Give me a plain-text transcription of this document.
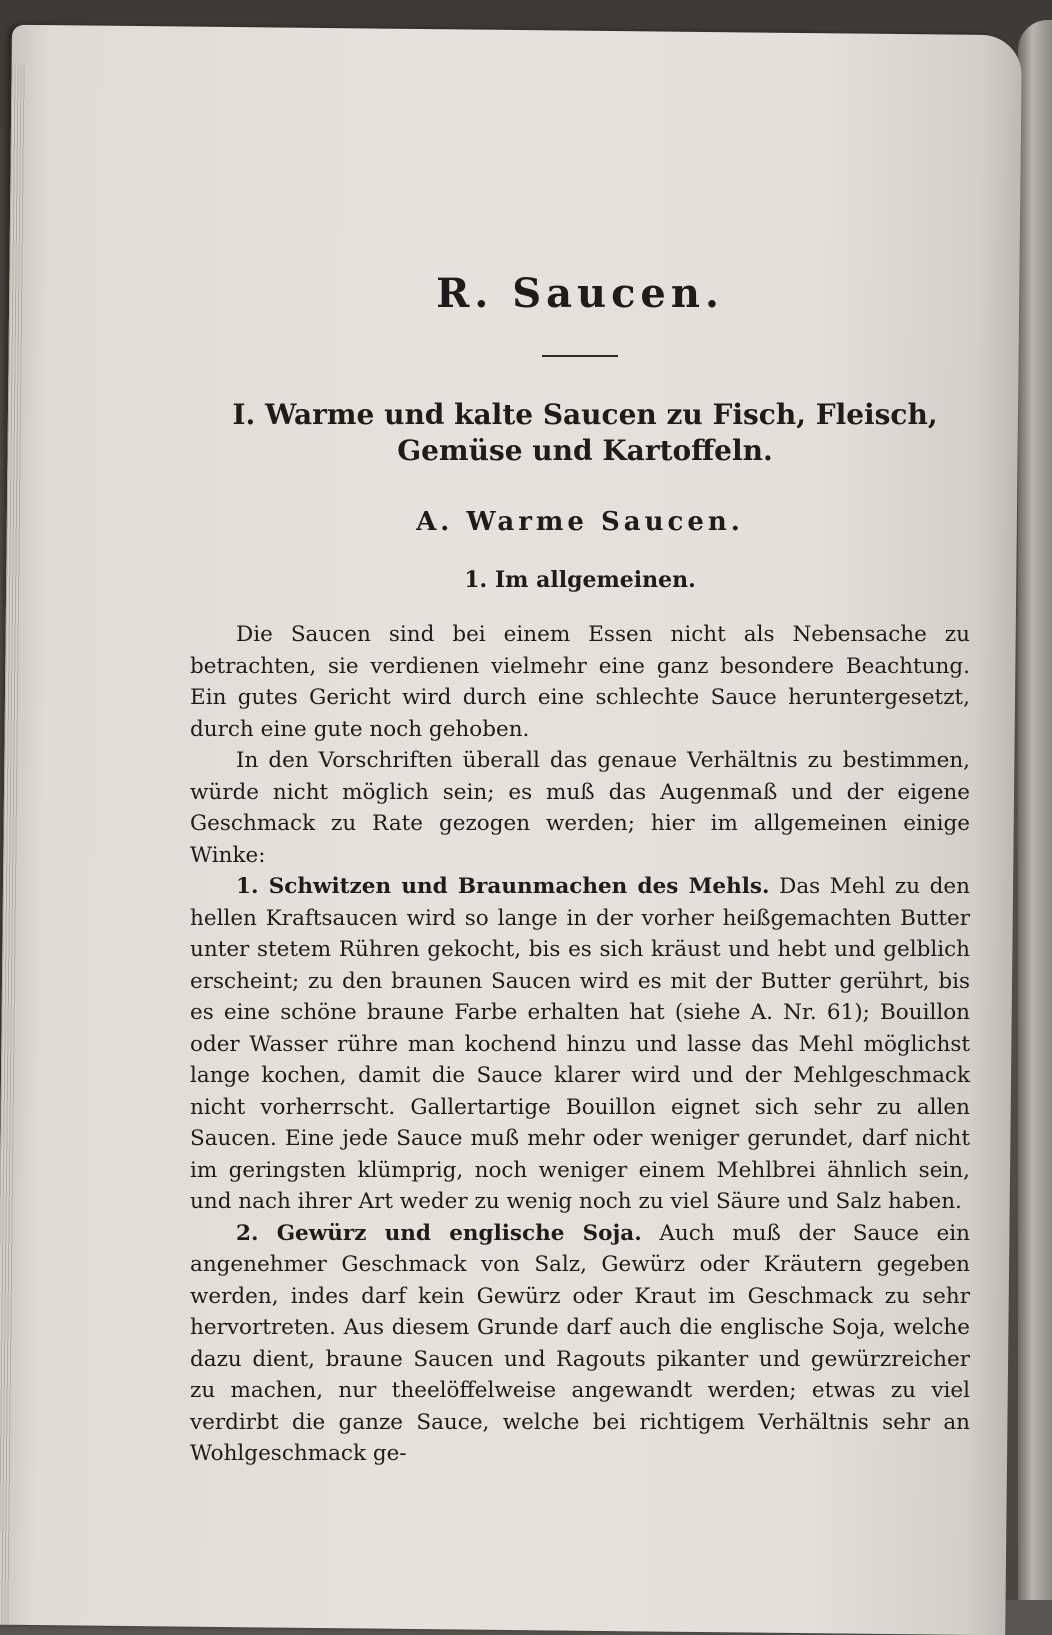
R. Saucen.
I. Warme und kalte Saucen zu Fisch, Fleisch, Gemüse und Kartoffeln.
A. Warme Saucen.
1. Im allgemeinen.

Die Saucen sind bei einem Essen nicht als Nebensache zu betrachten, sie verdienen vielmehr eine ganz besondere Beachtung. Ein gutes Gericht wird durch eine schlechte Sauce heruntergesetzt, durch eine gute noch gehoben.

In den Vorschriften überall das genaue Verhältnis zu bestimmen, würde nicht möglich sein; es muß das Augenmaß und der eigene Geschmack zu Rate gezogen werden; hier im allgemeinen einige Winke:

1. Schwitzen und Braunmachen des Mehls. Das Mehl zu den hellen Kraftsaucen wird so lange in der vorher heißgemachten Butter unter stetem Rühren gekocht, bis es sich kräust und hebt und gelblich erscheint; zu den braunen Saucen wird es mit der Butter gerührt, bis es eine schöne braune Farbe erhalten hat (siehe A. Nr. 61); Bouillon oder Wasser rühre man kochend hinzu und lasse das Mehl möglichst lange kochen, damit die Sauce klarer wird und der Mehlgeschmack nicht vorherrscht. Gallertartige Bouillon eignet sich sehr zu allen Saucen. Eine jede Sauce muß mehr oder weniger gerundet, darf nicht im geringsten klümprig, noch weniger einem Mehlbrei ähnlich sein, und nach ihrer Art weder zu wenig noch zu viel Säure und Salz haben.

2. Gewürz und englische Soja. Auch muß der Sauce ein angenehmer Geschmack von Salz, Gewürz oder Kräutern gegeben werden, indes darf kein Gewürz oder Kraut im Geschmack zu sehr hervortreten. Aus diesem Grunde darf auch die englische Soja, welche dazu dient, braune Saucen und Ragouts pikanter und gewürzreicher zu machen, nur theelöffelweise angewandt werden; etwas zu viel verdirbt die ganze Sauce, welche bei richtigem Verhältnis sehr an Wohlgeschmack ge-
